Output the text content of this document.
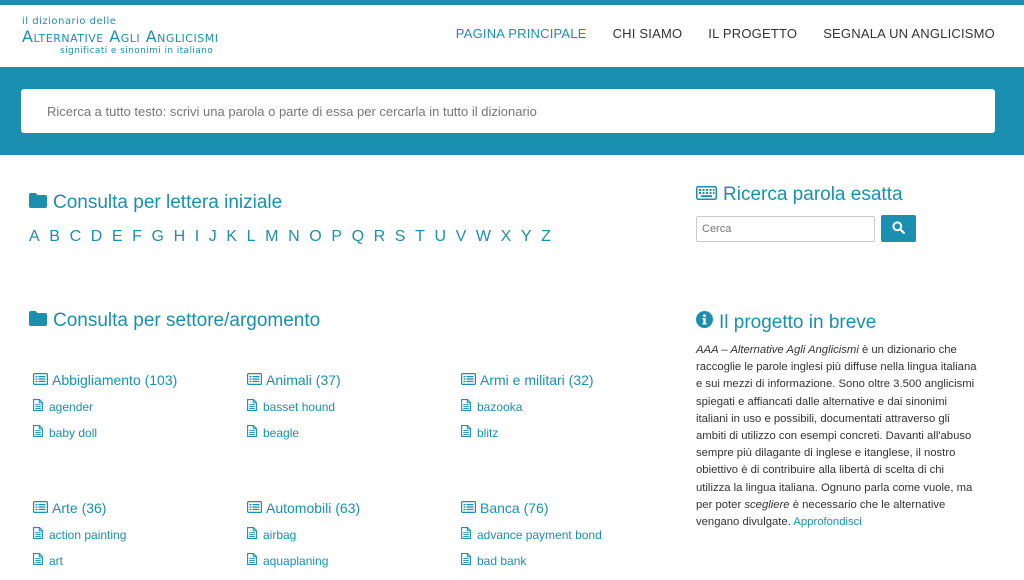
il dizionario delle
Alternative Agli Anglicismi
significati e sinonimi in italiano
PAGINA PRINCIPALE CHI SIAMO IL PROGETTO SEGNALA UN ANGLICISMO
Ricerca a tutto testo: scrivi una parola o parte di essa per cercarla in tutto il dizionario
Consulta per lettera iniziale
A B C D E F G H I J K L M N O P Q R S T U V W X Y Z
Consulta per settore/argomento
Abbigliamento (103)
agender
baby doll
Animali (37)
basset hound
beagle
Armi e militari (32)
bazooka
blitz
Arte (36)
action painting
art
Automobili (63)
airbag
aquaplaning
Banca (76)
advance payment bond
bad bank
Ricerca parola esatta
Cerca
Il progetto in breve
AAA – Alternative Agli Anglicismi è un dizionario che raccoglie le parole inglesi più diffuse nella lingua italiana e sui mezzi di informazione. Sono oltre 3.500 anglicismi spiegati e affiancati dalle alternative e dai sinonimi italiani in uso e possibili, documentati attraverso gli ambiti di utilizzo con esempi concreti. Davanti all'abuso sempre più dilagante di inglese e itanglese, il nostro obiettivo è di contribuire alla libertà di scelta di chi utilizza la lingua italiana. Ognuno parla come vuole, ma per poter scegliere è necessario che le alternative vengano divulgate. Approfondisci
